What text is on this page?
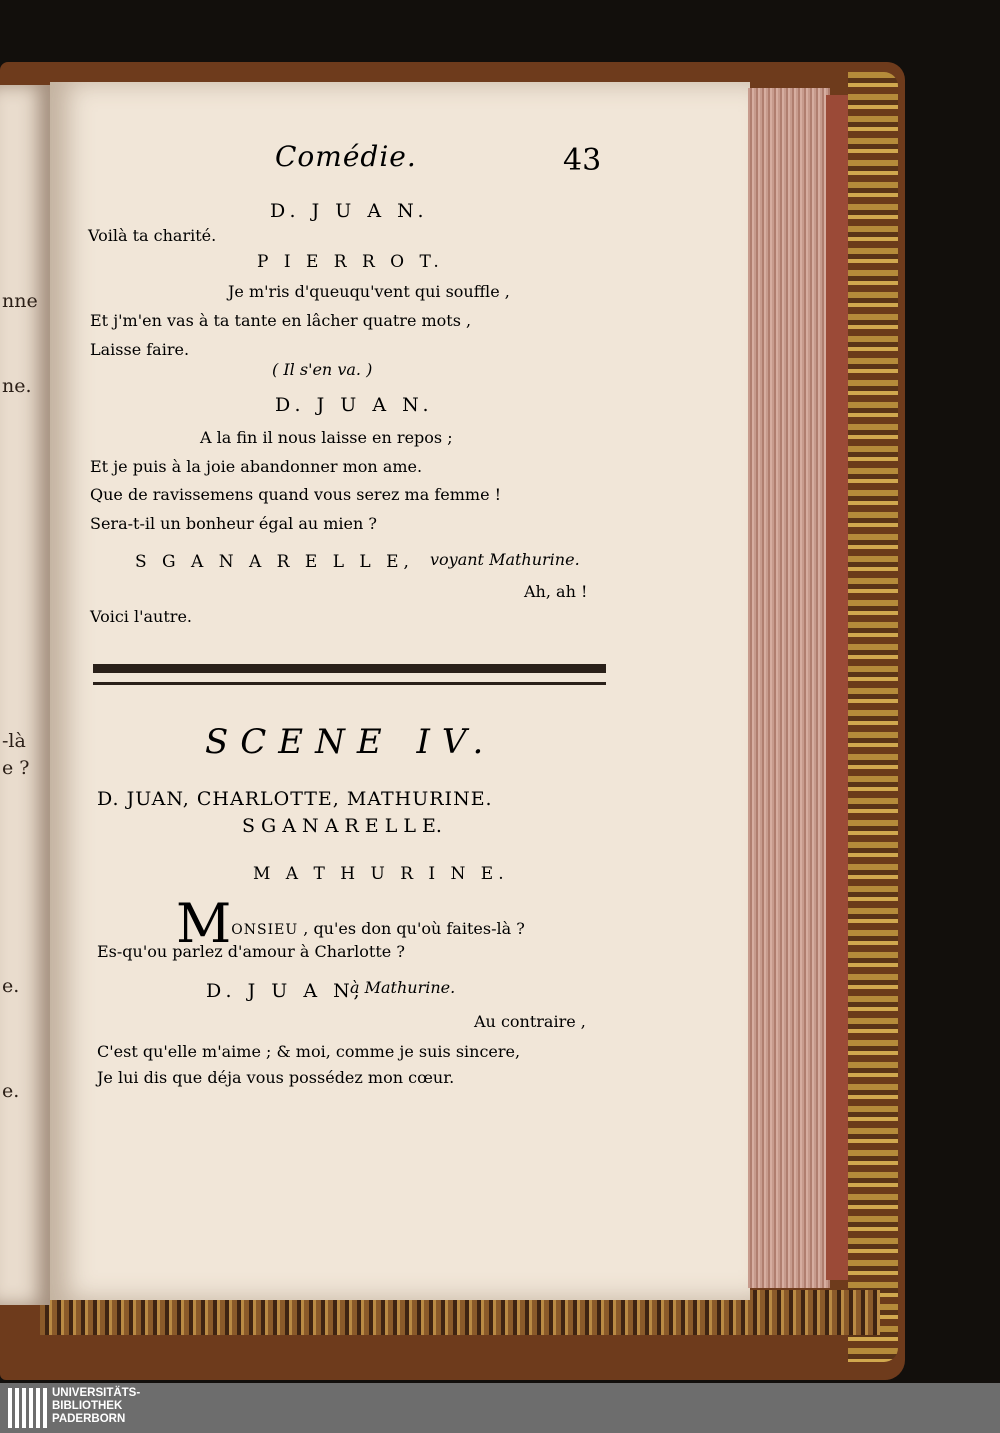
nne
ne.
-là
e ?
e.
e.
Comédie.	43
D. J U A N.
Voilà ta charité.
P I E R R O T.
Je m'ris d'queuqu'vent qui souffle ,
Et j'm'en vas à ta tante en lâcher quatre mots ,
Laisse faire.
( Il s'en va. )
D. J U A N.
A la fin il nous laisse en repos ;
Et je puis à la joie abandonner mon ame.
Que de ravissemens quand vous serez ma femme !
Sera-t-il un bonheur égal au mien ?
S G A N A R E L L E, voyant Mathurine.
Ah, ah !
Voici l'autre.
SCENE IV.
D. JUAN, CHARLOTTE, MATHURINE.
S G A N A R E L L E.
M A T H U R I N E.
MONSIEU , qu'es don qu'où faites-là ?
Es-qu'ou parlez d'amour à Charlotte ?
D. J U A N,
à Mathurine.
Au contraire ,
C'est qu'elle m'aime ; & moi, comme je suis sincere,
Je lui dis que déja vous possédez mon cœur.
UNIVERSITÄTS-
BIBLIOTHEK
PADERBORN
